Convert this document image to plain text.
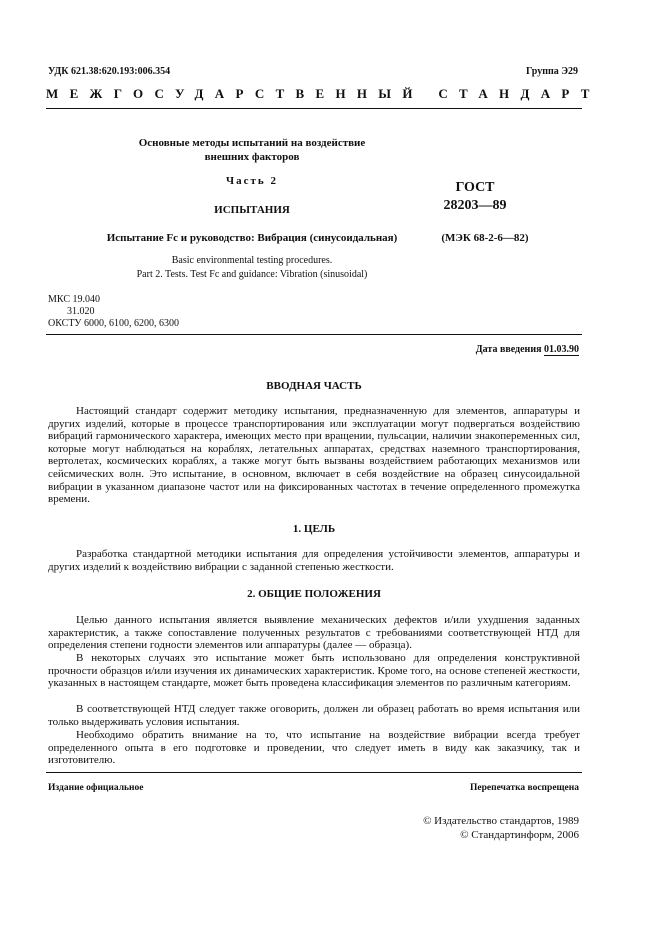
УДК 621.38:620.193:006.354	Группа Э29
МЕЖГОСУДАРСТВЕННЫЙ СТАНДАРТ
Основные методы испытаний на воздействие
внешних факторов
Часть 2
ИСПЫТАНИЯ
Испытание Fc и руководство: Вибрация (синусоидальная)
ГОСТ
28203—89
(МЭК 68-2-6—82)
Basic environmental testing procedures.
Part 2. Tests. Test Fc and guidance: Vibration (sinusoidal)
МКС 19.040
31.020
ОКСТУ 6000, 6100, 6200, 6300
Дата введения 01.03.90
ВВОДНАЯ ЧАСТЬ

Настоящий стандарт содержит методику испытания, предназначенную для элементов, аппаратуры и других изделий, которые в процессе транспортирования или эксплуатации могут подвергаться воздействию вибраций гармонического характера, имеющих место при вращении, пульсации, наличии знакопеременных сил, которые могут наблюдаться на кораблях, летательных аппаратах, средствах наземного транспортирования, вертолетах, космических кораблях, а также могут быть вызваны воздействием работающих механизмов или сейсмических волн. Это испытание, в основном, включает в себя воздействие на образец синусоидальной вибрации в указанном диапазоне частот или на фиксированных частотах в течение определенного промежутка времени.

1. ЦЕЛЬ

Разработка стандартной методики испытания для определения устойчивости элементов, аппаратуры и других изделий к воздействию вибрации с заданной степенью жесткости.

2. ОБЩИЕ ПОЛОЖЕНИЯ

Целью данного испытания является выявление механических дефектов и/или ухудшения заданных характеристик, а также сопоставление полученных результатов с требованиями соответствующей НТД для определения степени годности элементов или аппаратуры (далее — образца).

В некоторых случаях это испытание может быть использовано для определения конструктивной прочности образцов и/или изучения их динамических характеристик. Кроме того, на основе степеней жесткости, указанных в настоящем стандарте, может быть проведена классификация элементов по различным категориям.

В соответствующей НТД следует также оговорить, должен ли образец работать во время испытания или только выдерживать условия испытания.

Необходимо обратить внимание на то, что испытание на воздействие вибрации всегда требует определенного опыта в его подготовке и проведении, что следует иметь в виду как заказчику, так и изготовителю.

Издание официальное	Перепечатка воспрещена
© Издательство стандартов, 1989
© Стандартинформ, 2006
